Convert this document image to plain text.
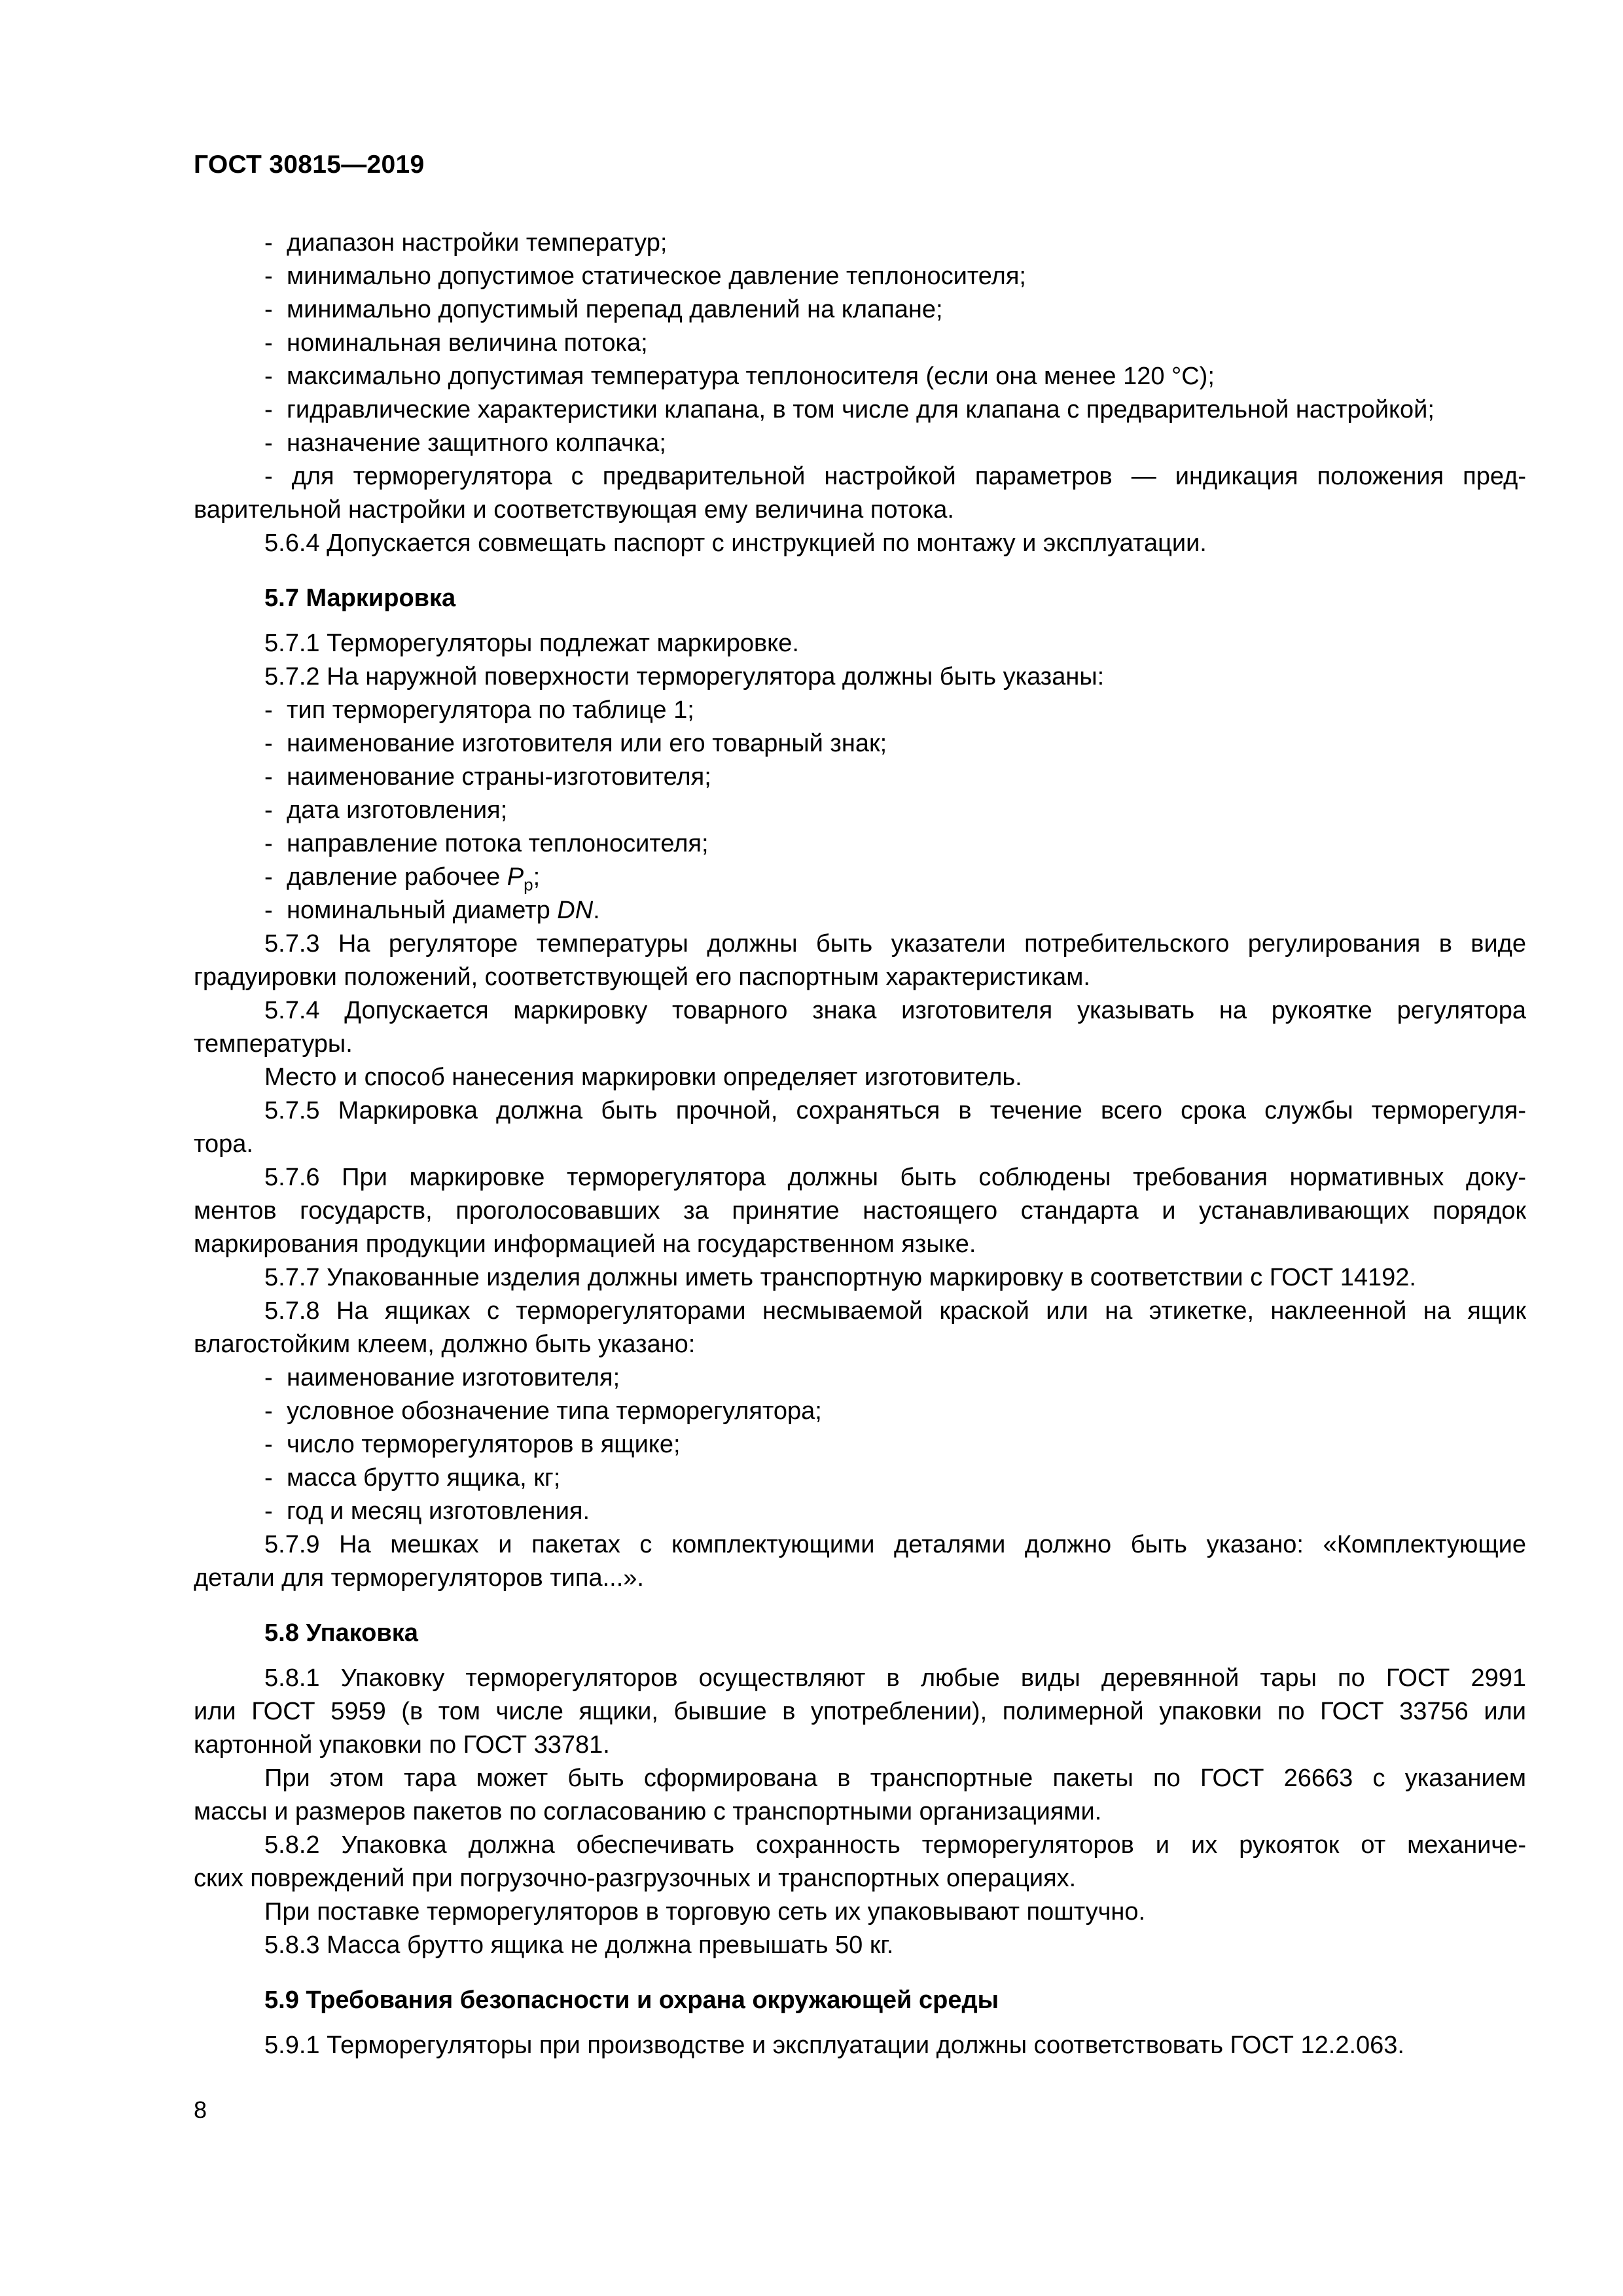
ГОСТ 30815—2019
- диапазон настройки температур;
- минимально допустимое статическое давление теплоносителя;
- минимально допустимый перепад давлений на клапане;
- номинальная величина потока;
- максимально допустимая температура теплоносителя (если она менее 120 °C);
- гидравлические характеристики клапана, в том числе для клапана с предварительной настройкой;
- назначение защитного колпачка;
- для терморегулятора с предварительной настройкой параметров — индикация положения пред-
варительной настройки и соответствующая ему величина потока.
5.6.4 Допускается совмещать паспорт с инструкцией по монтажу и эксплуатации.
5.7 Маркировка
5.7.1 Терморегуляторы подлежат маркировке.
5.7.2 На наружной поверхности терморегулятора должны быть указаны:
- тип терморегулятора по таблице 1;
- наименование изготовителя или его товарный знак;
- наименование страны-изготовителя;
- дата изготовления;
- направление потока теплоносителя;
- давление рабочее $P_р$;
- номинальный диаметр DN.
5.7.3 На регуляторе температуры должны быть указатели потребительского регулирования в виде
градуировки положений, соответствующей его паспортным характеристикам.
5.7.4 Допускается маркировку товарного знака изготовителя указывать на рукоятке регулятора
температуры.
Место и способ нанесения маркировки определяет изготовитель.
5.7.5 Маркировка должна быть прочной, сохраняться в течение всего срока службы терморегуля-
тора.
5.7.6 При маркировке терморегулятора должны быть соблюдены требования нормативных доку-
ментов государств, проголосовавших за принятие настоящего стандарта и устанавливающих порядок
маркирования продукции информацией на государственном языке.
5.7.7 Упакованные изделия должны иметь транспортную маркировку в соответствии с ГОСТ 14192.
5.7.8 На ящиках с терморегуляторами несмываемой краской или на этикетке, наклеенной на ящик
влагостойким клеем, должно быть указано:
- наименование изготовителя;
- условное обозначение типа терморегулятора;
- число терморегуляторов в ящике;
- масса брутто ящика, кг;
- год и месяц изготовления.
5.7.9 На мешках и пакетах с комплектующими деталями должно быть указано: «Комплектующие
детали для терморегуляторов типа...».
5.8 Упаковка
5.8.1 Упаковку терморегуляторов осуществляют в любые виды деревянной тары по ГОСТ 2991
или ГОСТ 5959 (в том числе ящики, бывшие в употреблении), полимерной упаковки по ГОСТ 33756 или
картонной упаковки по ГОСТ 33781.
При этом тара может быть сформирована в транспортные пакеты по ГОСТ 26663 с указанием
массы и размеров пакетов по согласованию с транспортными организациями.
5.8.2 Упаковка должна обеспечивать сохранность терморегуляторов и их рукояток от механиче-
ских повреждений при погрузочно-разгрузочных и транспортных операциях.
При поставке терморегуляторов в торговую сеть их упаковывают поштучно.
5.8.3 Масса брутто ящика не должна превышать 50 кг.
5.9 Требования безопасности и охрана окружающей среды
5.9.1 Терморегуляторы при производстве и эксплуатации должны соответствовать ГОСТ 12.2.063.
8
